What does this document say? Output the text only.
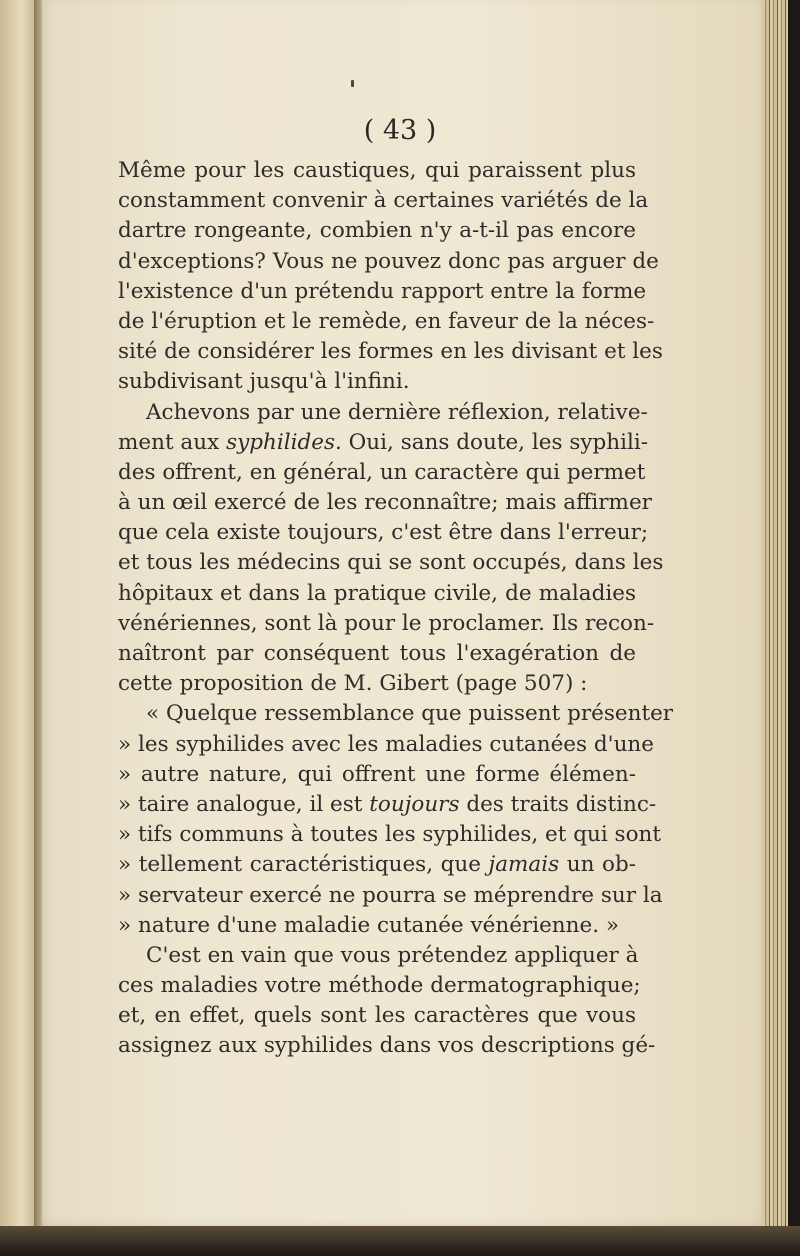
( 43 )
Même pour les caustiques, qui paraissent plus
constamment convenir à certaines variétés de la
dartre rongeante, combien n'y a-t-il pas encore
d'exceptions? Vous ne pouvez donc pas arguer de
l'existence d'un prétendu rapport entre la forme
de l'éruption et le remède, en faveur de la néces-
sité de considérer les formes en les divisant et les
subdivisant jusqu'à l'infini.
Achevons par une dernière réflexion, relative-
ment aux syphilides. Oui, sans doute, les syphili-
des offrent, en général, un caractère qui permet
à un œil exercé de les reconnaître; mais affirmer
que cela existe toujours, c'est être dans l'erreur;
et tous les médecins qui se sont occupés, dans les
hôpitaux et dans la pratique civile, de maladies
vénériennes, sont là pour le proclamer. Ils recon-
naîtront par conséquent tous l'exagération de
cette proposition de M. Gibert (page 507) :
« Quelque ressemblance que puissent présenter
» les syphilides avec les maladies cutanées d'une
» autre nature, qui offrent une forme élémen-
» taire analogue, il est toujours des traits distinc-
» tifs communs à toutes les syphilides, et qui sont
» tellement caractéristiques, que jamais un ob-
» servateur exercé ne pourra se méprendre sur la
» nature d'une maladie cutanée vénérienne. »
C'est en vain que vous prétendez appliquer à
ces maladies votre méthode dermatographique;
et, en effet, quels sont les caractères que vous
assignez aux syphilides dans vos descriptions gé-
